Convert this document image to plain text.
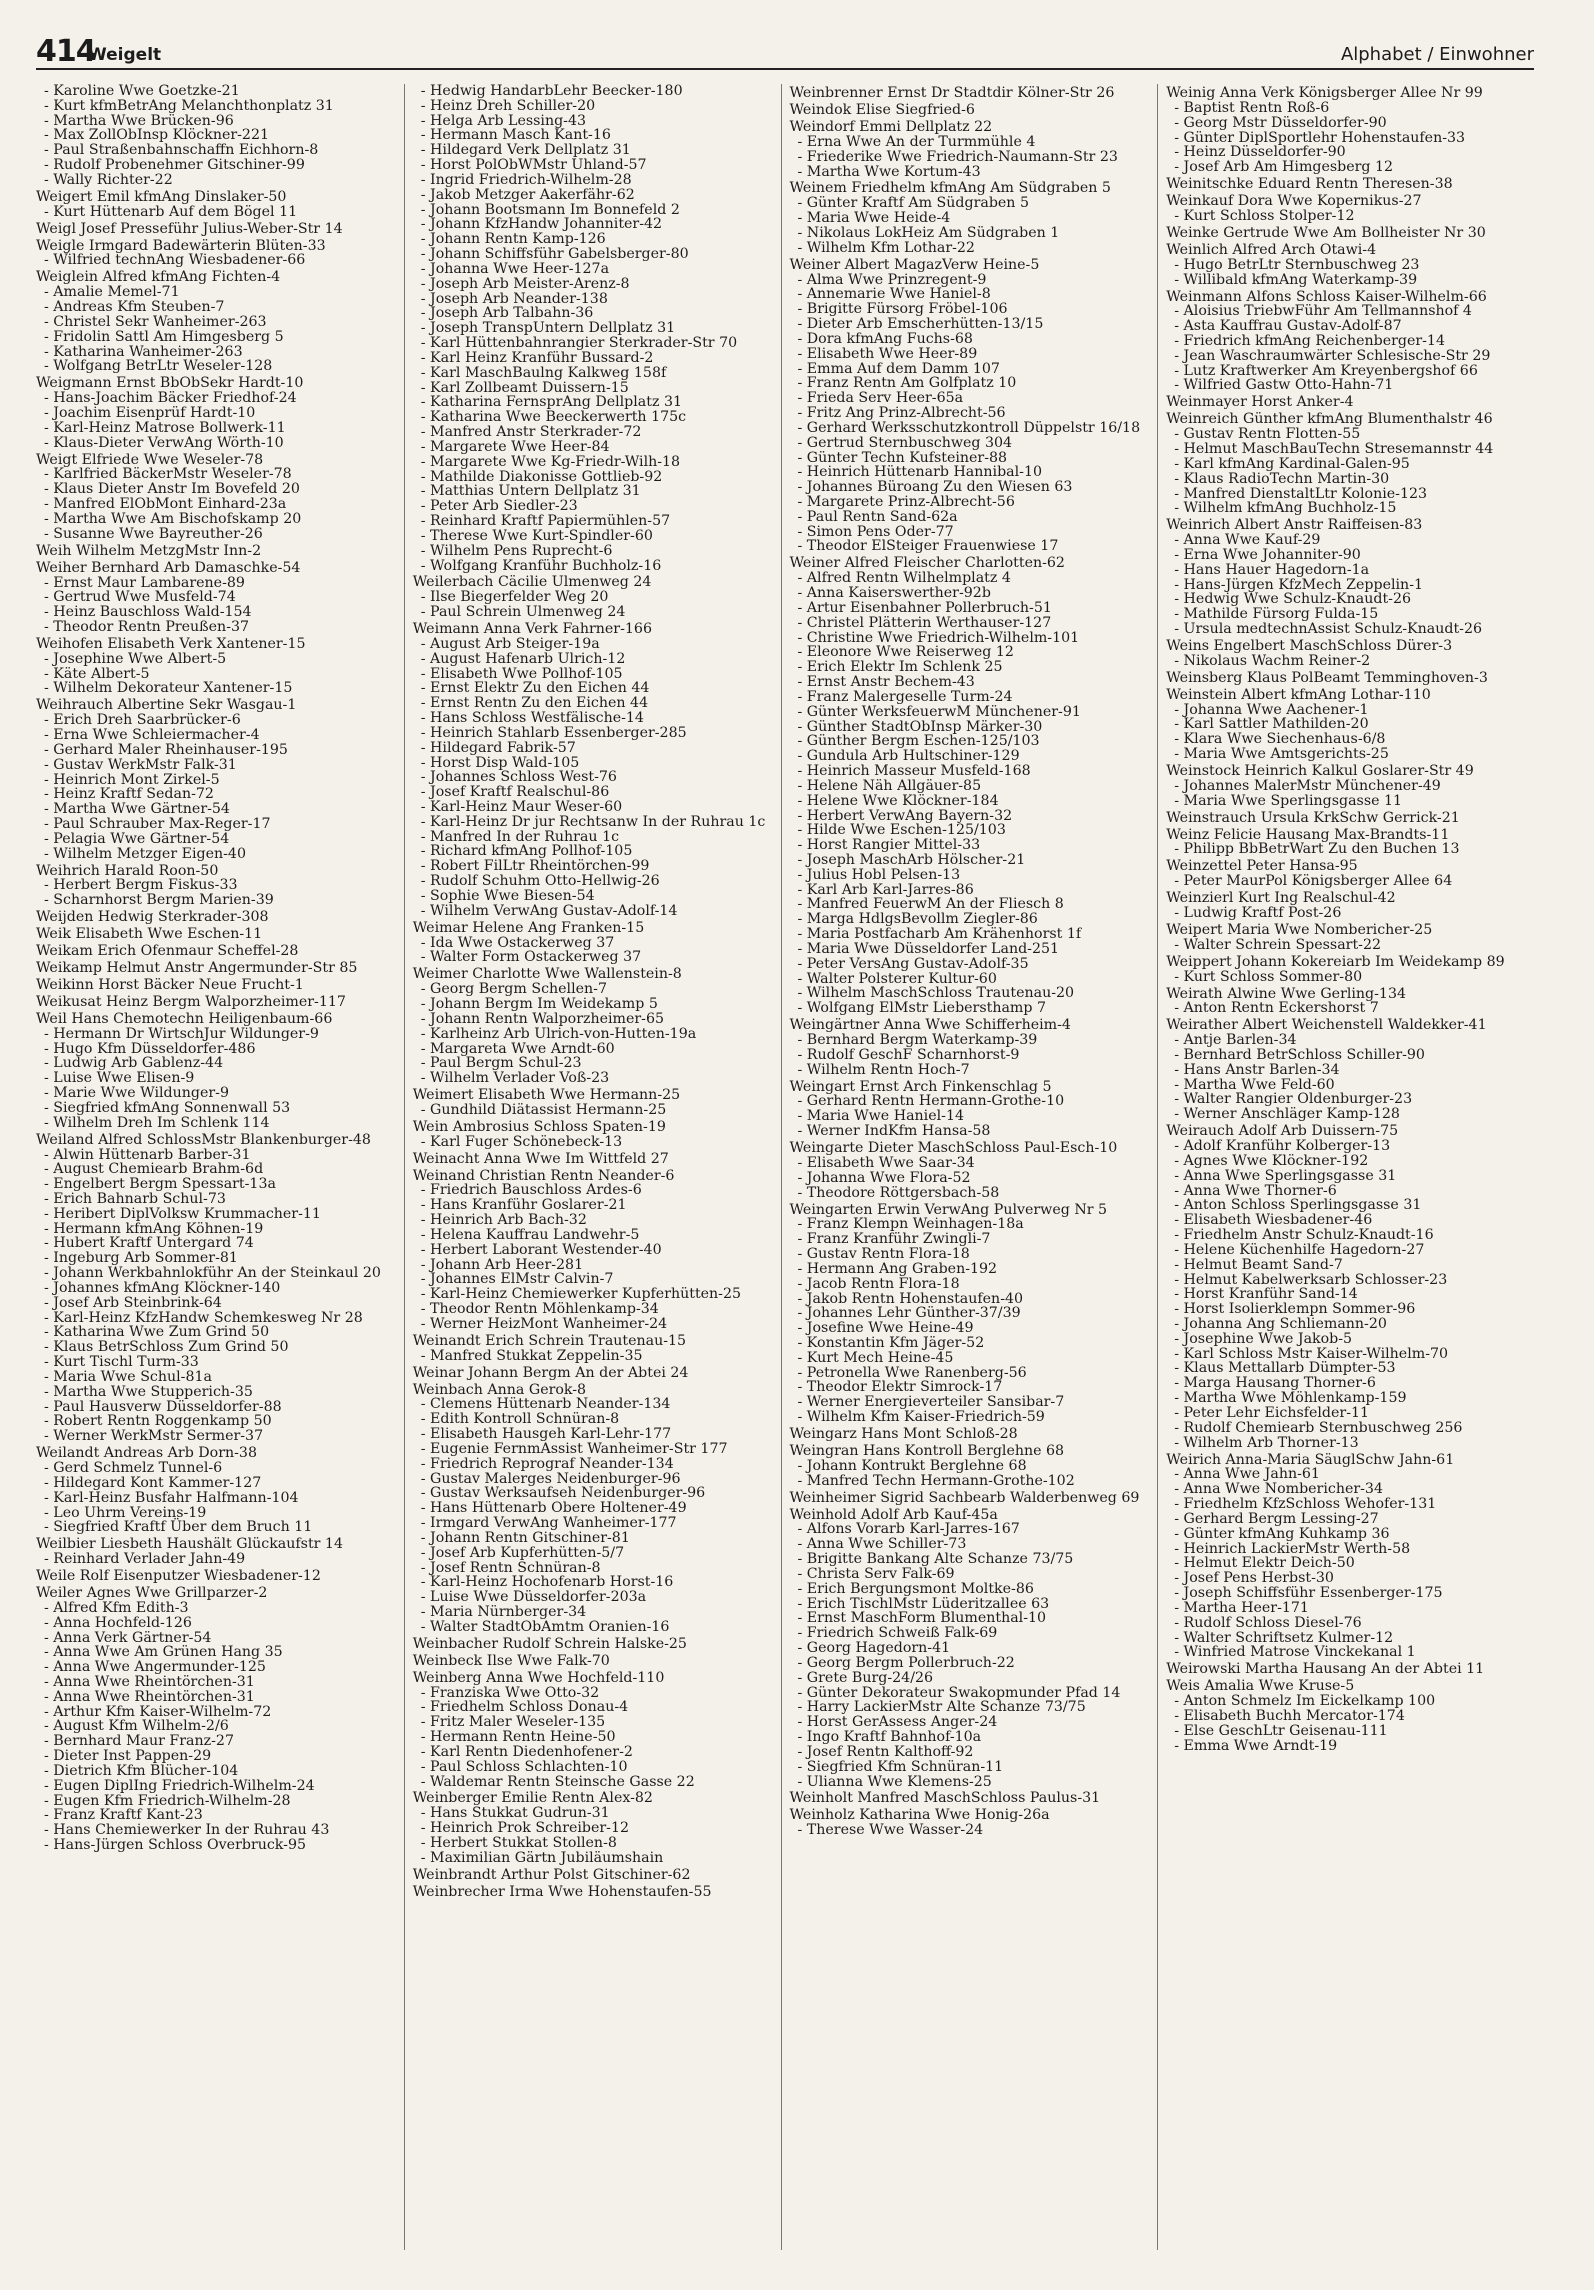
414
Weigelt	Alphabet / Einwohner
- Karoline Wwe Goetzke-21
- Kurt kfmBetrAng Melanchthonplatz 31
- Martha Wwe Brücken-96
- Max ZollObInsp Klöckner-221
- Paul Straßenbahnschaffn Eichhorn-8
- Rudolf Probenehmer Gitschiner-99
- Wally Richter-22
Weigert Emil kfmAng Dinslaker-50
- Kurt Hüttenarb Auf dem Bögel 11
Weigl Josef Presseführ Julius-Weber-Str 14
Weigle Irmgard Badewärterin Blüten-33
- Wilfried technAng Wiesbadener-66
Weiglein Alfred kfmAng Fichten-4
- Amalie Memel-71
- Andreas Kfm Steuben-7
- Christel Sekr Wanheimer-263
- Fridolin Sattl Am Himgesberg 5
- Katharina Wanheimer-263
- Wolfgang BetrLtr Weseler-128
Weigmann Ernst BbObSekr Hardt-10
- Hans-Joachim Bäcker Friedhof-24
- Joachim Eisenprüf Hardt-10
- Karl-Heinz Matrose Bollwerk-11
- Klaus-Dieter VerwAng Wörth-10
Weigt Elfriede Wwe Weseler-78
- Karlfried BäckerMstr Weseler-78
- Klaus Dieter Anstr Im Bovefeld 20
- Manfred ElObMont Einhard-23a
- Martha Wwe Am Bischofskamp 20
- Susanne Wwe Bayreuther-26
Weih Wilhelm MetzgMstr Inn-2
Weiher Bernhard Arb Damaschke-54
- Ernst Maur Lambarene-89
- Gertrud Wwe Musfeld-74
- Heinz Bauschloss Wald-154
- Theodor Rentn Preußen-37
Weihofen Elisabeth Verk Xantener-15
- Josephine Wwe Albert-5
- Käte Albert-5
- Wilhelm Dekorateur Xantener-15
Weihrauch Albertine Sekr Wasgau-1
- Erich Dreh Saarbrücker-6
- Erna Wwe Schleiermacher-4
- Gerhard Maler Rheinhauser-195
- Gustav WerkMstr Falk-31
- Heinrich Mont Zirkel-5
- Heinz Kraftf Sedan-72
- Martha Wwe Gärtner-54
- Paul Schrauber Max-Reger-17
- Pelagia Wwe Gärtner-54
- Wilhelm Metzger Eigen-40
Weihrich Harald Roon-50
- Herbert Bergm Fiskus-33
- Scharnhorst Bergm Marien-39
Weijden Hedwig Sterkrader-308
Weik Elisabeth Wwe Eschen-11
Weikam Erich Ofenmaur Scheffel-28
Weikamp Helmut Anstr Angermunder-Str 85
Weikinn Horst Bäcker Neue Frucht-1
Weikusat Heinz Bergm Walporzheimer-117
Weil Hans Chemotechn Heiligenbaum-66
- Hermann Dr WirtschJur Wildunger-9
- Hugo Kfm Düsseldorfer-486
- Ludwig Arb Gablenz-44
- Luise Wwe Elisen-9
- Marie Wwe Wildunger-9
- Siegfried kfmAng Sonnenwall 53
- Wilhelm Dreh Im Schlenk 114
Weiland Alfred SchlossMstr Blankenburger-48
- Alwin Hüttenarb Barber-31
- August Chemiearb Brahm-6d
- Engelbert Bergm Spessart-13a
- Erich Bahnarb Schul-73
- Heribert DiplVolksw Krummacher-11
- Hermann kfmAng Köhnen-19
- Hubert Kraftf Untergard 74
- Ingeburg Arb Sommer-81
- Johann Werkbahnlokführ An der Steinkaul 20
- Johannes kfmAng Klöckner-140
- Josef Arb Steinbrink-64
- Karl-Heinz KfzHandw Schemkesweg Nr 28
- Katharina Wwe Zum Grind 50
- Klaus BetrSchloss Zum Grind 50
- Kurt Tischl Turm-33
- Maria Wwe Schul-81a
- Martha Wwe Stupperich-35
- Paul Hausverw Düsseldorfer-88
- Robert Rentn Roggenkamp 50
- Werner WerkMstr Sermer-37
Weilandt Andreas Arb Dorn-38
- Gerd Schmelz Tunnel-6
- Hildegard Kont Kammer-127
- Karl-Heinz Busfahr Halfmann-104
- Leo Uhrm Vereins-19
- Siegfried Kraftf Über dem Bruch 11
Weilbier Liesbeth Haushält Glückaufstr 14
- Reinhard Verlader Jahn-49
Weile Rolf Eisenputzer Wiesbadener-12
Weiler Agnes Wwe Grillparzer-2
- Alfred Kfm Edith-3
- Anna Hochfeld-126
- Anna Verk Gärtner-54
- Anna Wwe Am Grünen Hang 35
- Anna Wwe Angermunder-125
- Anna Wwe Rheintörchen-31
- Anna Wwe Rheintörchen-31
- Arthur Kfm Kaiser-Wilhelm-72
- August Kfm Wilhelm-2/6
- Bernhard Maur Franz-27
- Dieter Inst Pappen-29
- Dietrich Kfm Blücher-104
- Eugen DiplIng Friedrich-Wilhelm-24
- Eugen Kfm Friedrich-Wilhelm-28
- Franz Kraftf Kant-23
- Hans Chemiewerker In der Ruhrau 43
- Hans-Jürgen Schloss Overbruck-95
- Hedwig HandarbLehr Beecker-180
- Heinz Dreh Schiller-20
- Helga Arb Lessing-43
- Hermann Masch Kant-16
- Hildegard Verk Dellplatz 31
- Horst PolObWMstr Uhland-57
- Ingrid Friedrich-Wilhelm-28
- Jakob Metzger Aakerfähr-62
- Johann Bootsmann Im Bonnefeld 2
- Johann KfzHandw Johanniter-42
- Johann Rentn Kamp-126
- Johann Schiffsführ Gabelsberger-80
- Johanna Wwe Heer-127a
- Joseph Arb Meister-Arenz-8
- Joseph Arb Neander-138
- Joseph Arb Talbahn-36
- Joseph TranspUntern Dellplatz 31
- Karl Hüttenbahnrangier Sterkrader-Str 70
- Karl Heinz Kranführ Bussard-2
- Karl MaschBaulng Kalkweg 158f
- Karl Zollbeamt Duissern-15
- Katharina FernsprAng Dellplatz 31
- Katharina Wwe Beeckerwerth 175c
- Manfred Anstr Sterkrader-72
- Margarete Wwe Heer-84
- Margarete Wwe Kg-Friedr-Wilh-18
- Mathilde Diakonisse Gottlieb-92
- Matthias Untern Dellplatz 31
- Peter Arb Siedler-23
- Reinhard Kraftf Papiermühlen-57
- Therese Wwe Kurt-Spindler-60
- Wilhelm Pens Ruprecht-6
- Wolfgang Kranführ Buchholz-16
Weilerbach Cäcilie Ulmenweg 24
- Ilse Biegerfelder Weg 20
- Paul Schrein Ulmenweg 24
Weimann Anna Verk Fahrner-166
- August Arb Steiger-19a
- August Hafenarb Ulrich-12
- Elisabeth Wwe Pollhof-105
- Ernst Elektr Zu den Eichen 44
- Ernst Rentn Zu den Eichen 44
- Hans Schloss Westfälische-14
- Heinrich Stahlarb Essenberger-285
- Hildegard Fabrik-57
- Horst Disp Wald-105
- Johannes Schloss West-76
- Josef Kraftf Realschul-86
- Karl-Heinz Maur Weser-60
- Karl-Heinz Dr jur Rechtsanw In der Ruhrau 1c
- Manfred In der Ruhrau 1c
- Richard kfmAng Pollhof-105
- Robert FilLtr Rheintörchen-99
- Rudolf Schuhm Otto-Hellwig-26
- Sophie Wwe Biesen-54
- Wilhelm VerwAng Gustav-Adolf-14
Weimar Helene Ang Franken-15
- Ida Wwe Ostackerweg 37
- Walter Form Ostackerweg 37
Weimer Charlotte Wwe Wallenstein-8
- Georg Bergm Schellen-7
- Johann Bergm Im Weidekamp 5
- Johann Rentn Walporzheimer-65
- Karlheinz Arb Ulrich-von-Hutten-19a
- Margareta Wwe Arndt-60
- Paul Bergm Schul-23
- Wilhelm Verlader Voß-23
Weimert Elisabeth Wwe Hermann-25
- Gundhild Diätassist Hermann-25
Wein Ambrosius Schloss Spaten-19
- Karl Fuger Schönebeck-13
Weinacht Anna Wwe Im Wittfeld 27
Weinand Christian Rentn Neander-6
- Friedrich Bauschloss Ardes-6
- Hans Kranführ Goslarer-21
- Heinrich Arb Bach-32
- Helena Kauffrau Landwehr-5
- Herbert Laborant Westender-40
- Johann Arb Heer-281
- Johannes ElMstr Calvin-7
- Karl-Heinz Chemiewerker Kupferhütten-25
- Theodor Rentn Möhlenkamp-34
- Werner HeizMont Wanheimer-24
Weinandt Erich Schrein Trautenau-15
- Manfred Stukkat Zeppelin-35
Weinar Johann Bergm An der Abtei 24
Weinbach Anna Gerok-8
- Clemens Hüttenarb Neander-134
- Edith Kontroll Schnüran-8
- Elisabeth Hausgeh Karl-Lehr-177
- Eugenie FernmAssist Wanheimer-Str 177
- Friedrich Reprograf Neander-134
- Gustav Malerges Neidenburger-96
- Gustav Werksaufseh Neidenburger-96
- Hans Hüttenarb Obere Holtener-49
- Irmgard VerwAng Wanheimer-177
- Johann Rentn Gitschiner-81
- Josef Arb Kupferhütten-5/7
- Josef Rentn Schnüran-8
- Karl-Heinz Hochofenarb Horst-16
- Luise Wwe Düsseldorfer-203a
- Maria Nürnberger-34
- Walter StadtObAmtm Oranien-16
Weinbacher Rudolf Schrein Halske-25
Weinbeck Ilse Wwe Falk-70
Weinberg Anna Wwe Hochfeld-110
- Franziska Wwe Otto-32
- Friedhelm Schloss Donau-4
- Fritz Maler Weseler-135
- Hermann Rentn Heine-50
- Karl Rentn Diedenhofener-2
- Paul Schloss Schlachten-10
- Waldemar Rentn Steinsche Gasse 22
Weinberger Emilie Rentn Alex-82
- Hans Stukkat Gudrun-31
- Heinrich Prok Schreiber-12
- Herbert Stukkat Stollen-8
- Maximilian Gärtn Jubiläumshain
Weinbrandt Arthur Polst Gitschiner-62
Weinbrecher Irma Wwe Hohenstaufen-55
Weinbrenner Ernst Dr Stadtdir Kölner-Str 26
Weindok Elise Siegfried-6
Weindorf Emmi Dellplatz 22
- Erna Wwe An der Turmmühle 4
- Friederike Wwe Friedrich-Naumann-Str 23
- Martha Wwe Kortum-43
Weinem Friedhelm kfmAng Am Südgraben 5
- Günter Kraftf Am Südgraben 5
- Maria Wwe Heide-4
- Nikolaus LokHeiz Am Südgraben 1
- Wilhelm Kfm Lothar-22
Weiner Albert MagazVerw Heine-5
- Alma Wwe Prinzregent-9
- Annemarie Wwe Haniel-8
- Brigitte Fürsorg Fröbel-106
- Dieter Arb Emscherhütten-13/15
- Dora kfmAng Fuchs-68
- Elisabeth Wwe Heer-89
- Emma Auf dem Damm 107
- Franz Rentn Am Golfplatz 10
- Frieda Serv Heer-65a
- Fritz Ang Prinz-Albrecht-56
- Gerhard Werksschutzkontroll Düppelstr 16/18
- Gertrud Sternbuschweg 304
- Günter Techn Kufsteiner-88
- Heinrich Hüttenarb Hannibal-10
- Johannes Büroang Zu den Wiesen 63
- Margarete Prinz-Albrecht-56
- Paul Rentn Sand-62a
- Simon Pens Oder-77
- Theodor ElSteiger Frauenwiese 17
Weiner Alfred Fleischer Charlotten-62
- Alfred Rentn Wilhelmplatz 4
- Anna Kaiserswerther-92b
- Artur Eisenbahner Pollerbruch-51
- Christel Plätterin Werthauser-127
- Christine Wwe Friedrich-Wilhelm-101
- Eleonore Wwe Reiserweg 12
- Erich Elektr Im Schlenk 25
- Ernst Anstr Bechem-43
- Franz Malergeselle Turm-24
- Günter WerksfeuerwM Münchener-91
- Günther StadtObInsp Märker-30
- Günther Bergm Eschen-125/103
- Gundula Arb Hultschiner-129
- Heinrich Masseur Musfeld-168
- Helene Näh Allgäuer-85
- Helene Wwe Klöckner-184
- Herbert VerwAng Bayern-32
- Hilde Wwe Eschen-125/103
- Horst Rangier Mittel-33
- Joseph MaschArb Hölscher-21
- Julius Hobl Pelsen-13
- Karl Arb Karl-Jarres-86
- Manfred FeuerwM An der Fliesch 8
- Marga HdlgsBevollm Ziegler-86
- Maria Postfacharb Am Krähenhorst 1f
- Maria Wwe Düsseldorfer Land-251
- Peter VersAng Gustav-Adolf-35
- Walter Polsterer Kultur-60
- Wilhelm MaschSchloss Trautenau-20
- Wolfgang ElMstr Liebersthamp 7
Weingärtner Anna Wwe Schifferheim-4
- Bernhard Bergm Waterkamp-39
- Rudolf GeschF Scharnhorst-9
- Wilhelm Rentn Hoch-7
Weingart Ernst Arch Finkenschlag 5
- Gerhard Rentn Hermann-Grothe-10
- Maria Wwe Haniel-14
- Werner IndKfm Hansa-58
Weingarte Dieter MaschSchloss Paul-Esch-10
- Elisabeth Wwe Saar-34
- Johanna Wwe Flora-52
- Theodore Röttgersbach-58
Weingarten Erwin VerwAng Pulverweg Nr 5
- Franz Klempn Weinhagen-18a
- Franz Kranführ Zwingli-7
- Gustav Rentn Flora-18
- Hermann Ang Graben-192
- Jacob Rentn Flora-18
- Jakob Rentn Hohenstaufen-40
- Johannes Lehr Günther-37/39
- Josefine Wwe Heine-49
- Konstantin Kfm Jäger-52
- Kurt Mech Heine-45
- Petronella Wwe Ranenberg-56
- Theodor Elektr Simrock-17
- Werner Energieverteiler Sansibar-7
- Wilhelm Kfm Kaiser-Friedrich-59
Weingarz Hans Mont Schloß-28
Weingran Hans Kontroll Berglehne 68
- Johann Kontrukt Berglehne 68
- Manfred Techn Hermann-Grothe-102
Weinheimer Sigrid Sachbearb Walderbenweg 69
Weinhold Adolf Arb Kauf-45a
- Alfons Vorarb Karl-Jarres-167
- Anna Wwe Schiller-73
- Brigitte Bankang Alte Schanze 73/75
- Christa Serv Falk-69
- Erich Bergungsmont Moltke-86
- Erich TischlMstr Lüderitzallee 63
- Ernst MaschForm Blumenthal-10
- Friedrich Schweiß Falk-69
- Georg Hagedorn-41
- Georg Bergm Pollerbruch-22
- Grete Burg-24/26
- Günter Dekorateur Swakopmunder Pfad 14
- Harry LackierMstr Alte Schanze 73/75
- Horst GerAssess Anger-24
- Ingo Kraftf Bahnhof-10a
- Josef Rentn Kalthoff-92
- Siegfried Kfm Schnüran-11
- Ulianna Wwe Klemens-25
Weinholt Manfred MaschSchloss Paulus-31
Weinholz Katharina Wwe Honig-26a
- Therese Wwe Wasser-24
Weinig Anna Verk Königsberger Allee Nr 99
- Baptist Rentn Roß-6
- Georg Mstr Düsseldorfer-90
- Günter DiplSportlehr Hohenstaufen-33
- Heinz Düsseldorfer-90
- Josef Arb Am Himgesberg 12
Weinitschke Eduard Rentn Theresen-38
Weinkauf Dora Wwe Kopernikus-27
- Kurt Schloss Stolper-12
Weinke Gertrude Wwe Am Bollheister Nr 30
Weinlich Alfred Arch Otawi-4
- Hugo BetrLtr Sternbuschweg 23
- Willibald kfmAng Waterkamp-39
Weinmann Alfons Schloss Kaiser-Wilhelm-66
- Aloisius TriebwFühr Am Tellmannshof 4
- Asta Kauffrau Gustav-Adolf-87
- Friedrich kfmAng Reichenberger-14
- Jean Waschraumwärter Schlesische-Str 29
- Lutz Kraftwerker Am Kreyenbergshof 66
- Wilfried Gastw Otto-Hahn-71
Weinmayer Horst Anker-4
Weinreich Günther kfmAng Blumenthalstr 46
- Gustav Rentn Flotten-55
- Helmut MaschBauTechn Stresemannstr 44
- Karl kfmAng Kardinal-Galen-95
- Klaus RadioTechn Martin-30
- Manfred DienstaltLtr Kolonie-123
- Wilhelm kfmAng Buchholz-15
Weinrich Albert Anstr Raiffeisen-83
- Anna Wwe Kauf-29
- Erna Wwe Johanniter-90
- Hans Hauer Hagedorn-1a
- Hans-Jürgen KfzMech Zeppelin-1
- Hedwig Wwe Schulz-Knaudt-26
- Mathilde Fürsorg Fulda-15
- Ursula medtechnAssist Schulz-Knaudt-26
Weins Engelbert MaschSchloss Dürer-3
- Nikolaus Wachm Reiner-2
Weinsberg Klaus PolBeamt Temminghoven-3
Weinstein Albert kfmAng Lothar-110
- Johanna Wwe Aachener-1
- Karl Sattler Mathilden-20
- Klara Wwe Siechenhaus-6/8
- Maria Wwe Amtsgerichts-25
Weinstock Heinrich Kalkul Goslarer-Str 49
- Johannes MalerMstr Münchener-49
- Maria Wwe Sperlingsgasse 11
Weinstrauch Ursula KrkSchw Gerrick-21
Weinz Felicie Hausang Max-Brandts-11
- Philipp BbBetrWart Zu den Buchen 13
Weinzettel Peter Hansa-95
- Peter MaurPol Königsberger Allee 64
Weinzierl Kurt Ing Realschul-42
- Ludwig Kraftf Post-26
Weipert Maria Wwe Nombericher-25
- Walter Schrein Spessart-22
Weippert Johann Kokereiarb Im Weidekamp 89
- Kurt Schloss Sommer-80
Weirath Alwine Wwe Gerling-134
- Anton Rentn Eckershorst 7
Weirather Albert Weichenstell Waldekker-41
- Antje Barlen-34
- Bernhard BetrSchloss Schiller-90
- Hans Anstr Barlen-34
- Martha Wwe Feld-60
- Walter Rangier Oldenburger-23
- Werner Anschläger Kamp-128
Weirauch Adolf Arb Duissern-75
- Adolf Kranführ Kolberger-13
- Agnes Wwe Klöckner-192
- Anna Wwe Sperlingsgasse 31
- Anna Wwe Thorner-6
- Anton Schloss Sperlingsgasse 31
- Elisabeth Wiesbadener-46
- Friedhelm Anstr Schulz-Knaudt-16
- Helene Küchenhilfe Hagedorn-27
- Helmut Beamt Sand-7
- Helmut Kabelwerksarb Schlosser-23
- Horst Kranführ Sand-14
- Horst Isolierklempn Sommer-96
- Johanna Ang Schliemann-20
- Josephine Wwe Jakob-5
- Karl Schloss Mstr Kaiser-Wilhelm-70
- Klaus Mettallarb Dümpter-53
- Marga Hausang Thorner-6
- Martha Wwe Möhlenkamp-159
- Peter Lehr Eichsfelder-11
- Rudolf Chemiearb Sternbuschweg 256
- Wilhelm Arb Thorner-13
Weirich Anna-Maria SäuglSchw Jahn-61
- Anna Wwe Jahn-61
- Anna Wwe Nombericher-34
- Friedhelm KfzSchloss Wehofer-131
- Gerhard Bergm Lessing-27
- Günter kfmAng Kuhkamp 36
- Heinrich LackierMstr Werth-58
- Helmut Elektr Deich-50
- Josef Pens Herbst-30
- Joseph Schiffsführ Essenberger-175
- Martha Heer-171
- Rudolf Schloss Diesel-76
- Walter Schriftsetz Kulmer-12
- Winfried Matrose Vinckekanal 1
Weirowski Martha Hausang An der Abtei 11
Weis Amalia Wwe Kruse-5
- Anton Schmelz Im Eickelkamp 100
- Elisabeth Buchh Mercator-174
- Else GeschLtr Geisenau-111
- Emma Wwe Arndt-19
